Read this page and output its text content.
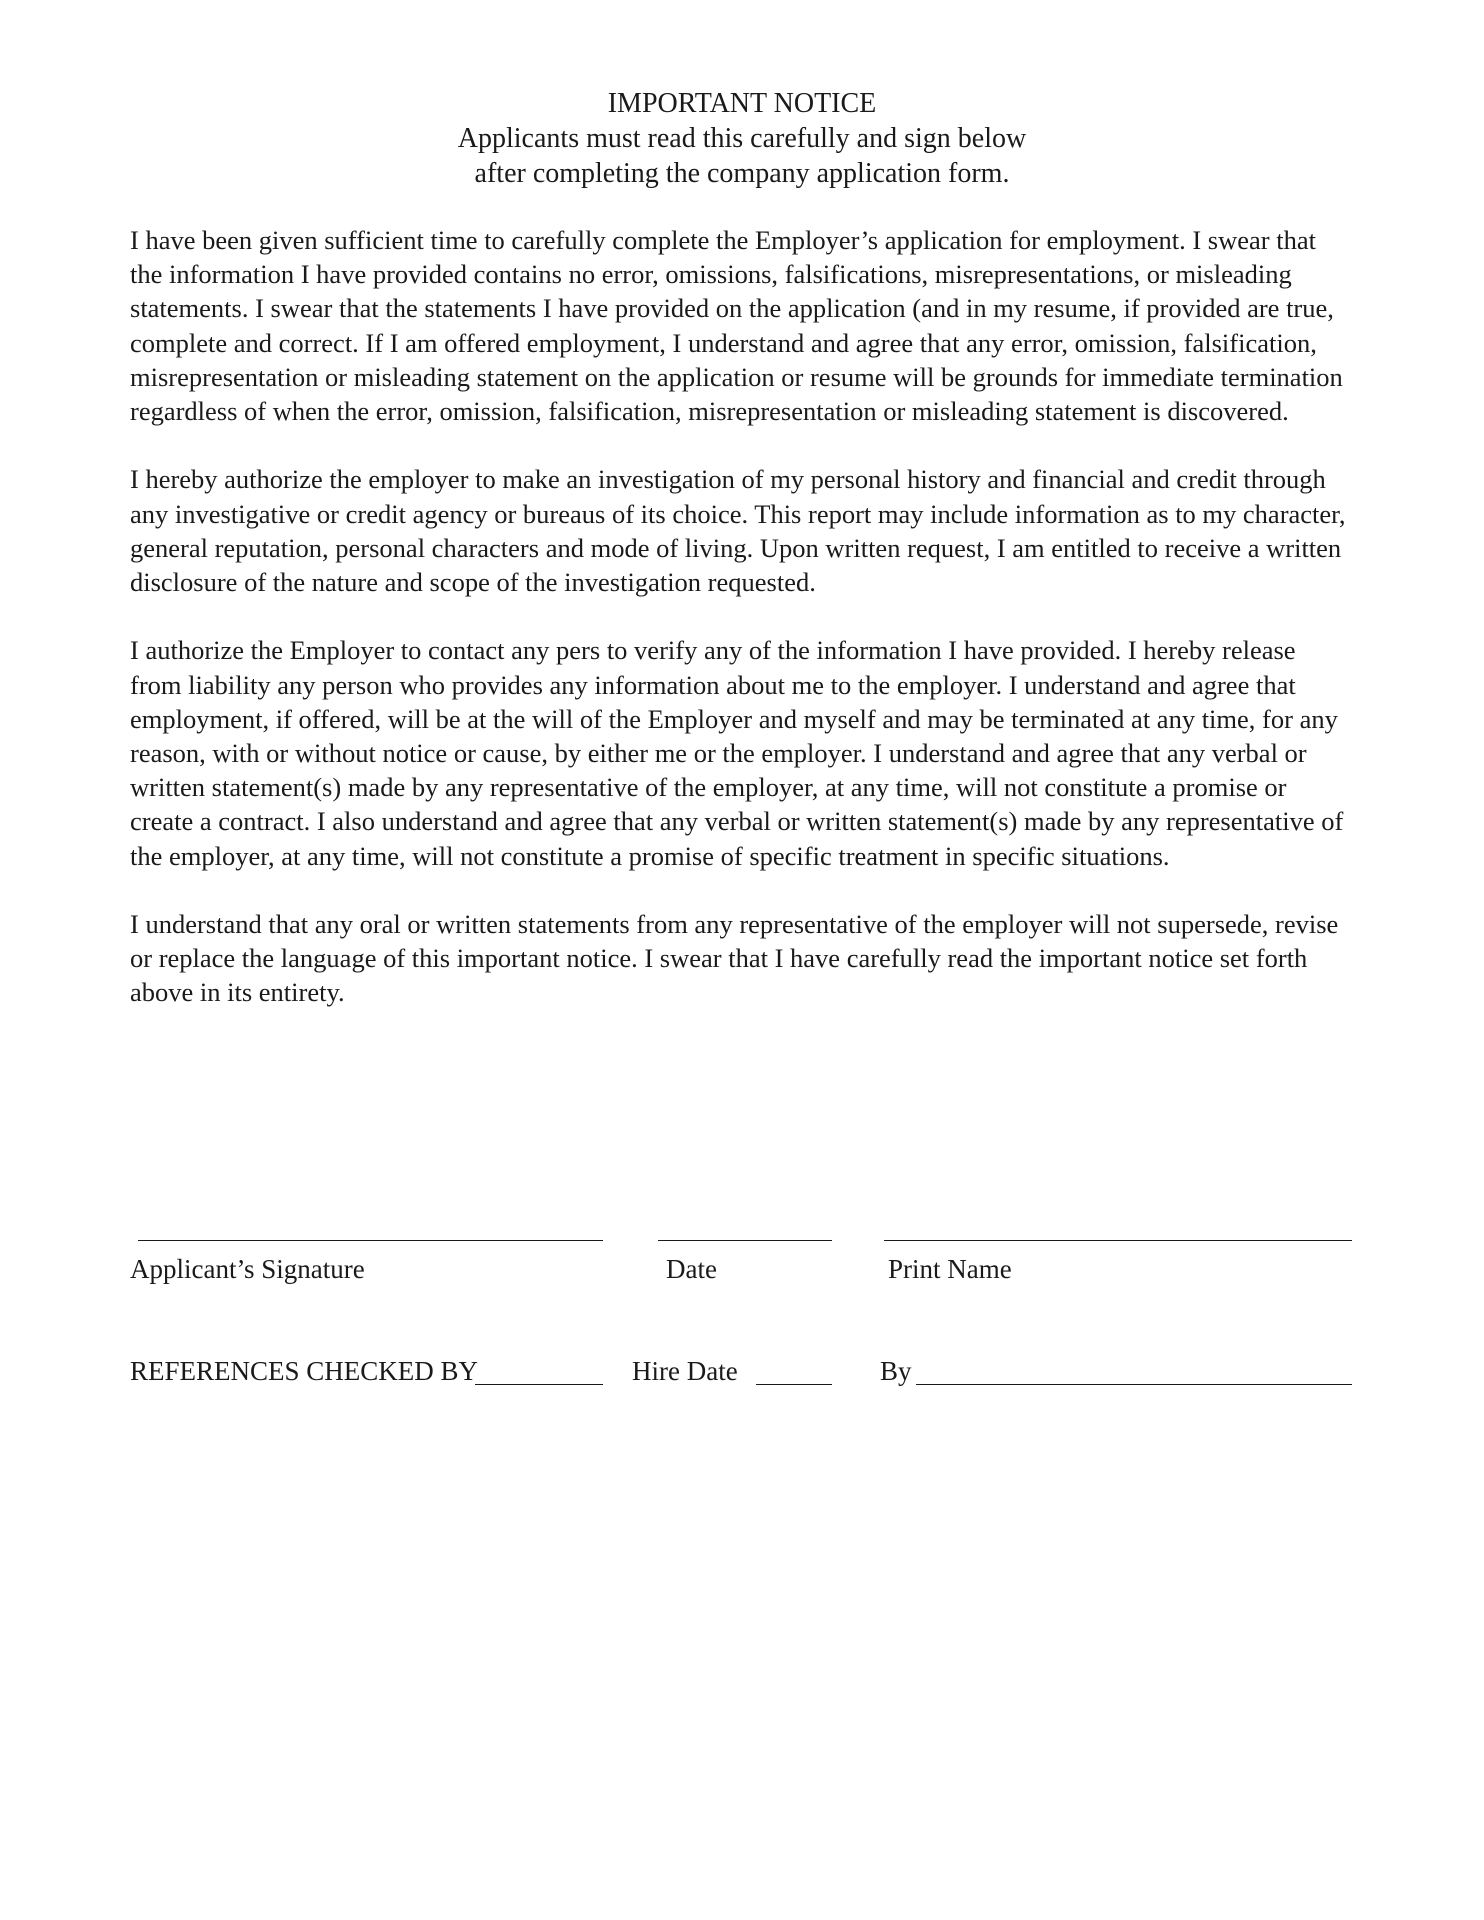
IMPORTANT NOTICE
Applicants must read this carefully and sign below
after completing the company application form.

I have been given sufficient time to carefully complete the Employer’s application for employment. I swear that the information I have provided contains no error, omissions, falsifications, misrepresentations, or misleading statements. I swear that the statements I have provided on the application (and in my resume, if provided are true, complete and correct. If I am offered employment, I understand and agree that any error, omission, falsification, misrepresentation or misleading statement on the application or resume will be grounds for immediate termination regardless of when the error, omission, falsification, misrepresentation or misleading statement is discovered.

I hereby authorize the employer to make an investigation of my personal history and financial and credit through any investigative or credit agency or bureaus of its choice. This report may include information as to my character, general reputation, personal characters and mode of living. Upon written request, I am entitled to receive a written disclosure of the nature and scope of the investigation requested.

I authorize the Employer to contact any pers to verify any of the information I have provided. I hereby release from liability any person who provides any information about me to the employer. I understand and agree that employment, if offered, will be at the will of the Employer and myself and may be terminated at any time, for any reason, with or without notice or cause, by either me or the employer. I understand and agree that any verbal or written statement(s) made by any representative of the employer, at any time, will not constitute a promise or create a contract. I also understand and agree that any verbal or written statement(s) made by any representative of the employer, at any time, will not constitute a promise of specific treatment in specific situations.

I understand that any oral or written statements from any representative of the employer will not supersede, revise or replace the language of this important notice. I swear that I have carefully read the important notice set forth above in its entirety.

Applicant’s Signature	Date	Print Name
REFERENCES CHECKED BY	Hire Date	By
